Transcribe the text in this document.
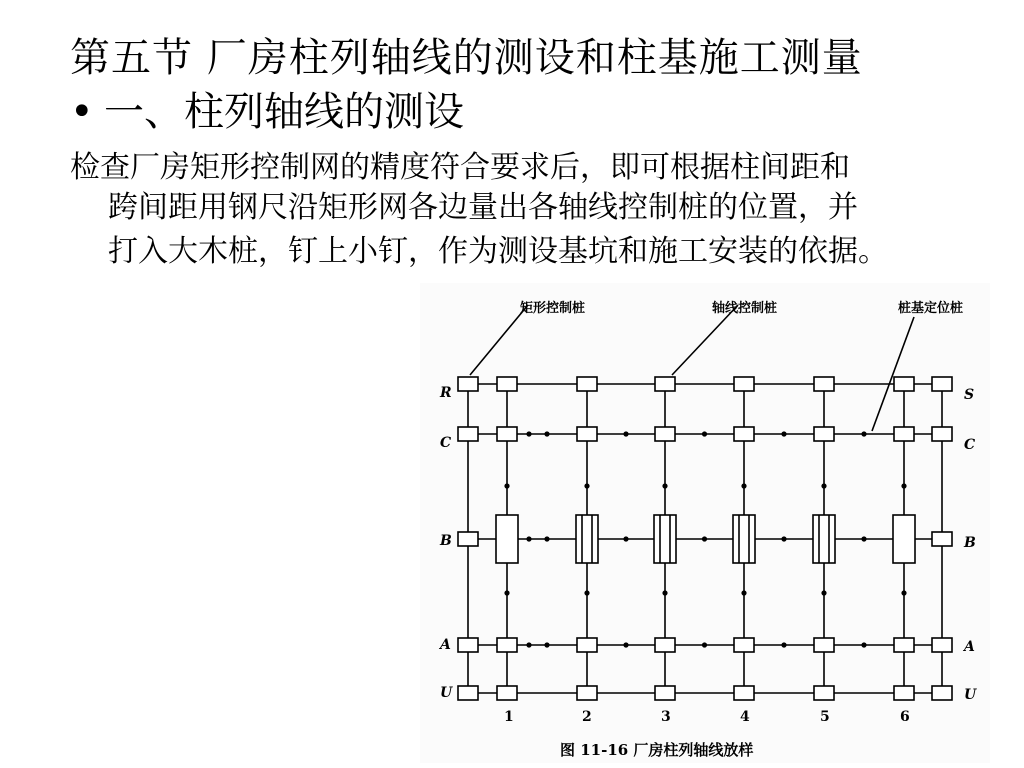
第五节 厂房柱列轴线的测设和柱基施工测量
• 一、柱列轴线的测设
检查厂房矩形控制网的精度符合要求后，即可根据柱间距和
跨间距用钢尺沿矩形网各边量出各轴线控制桩的位置，并
打入大木桩，钉上小钉，作为测设基坑和施工安装的依据。
矩形控制桩	轴线控制桩	桩基定位桩
R
C
B
A
U
S
C
B
A
U
1	2	3	4	5	6
图 11-16 厂房柱列轴线放样
